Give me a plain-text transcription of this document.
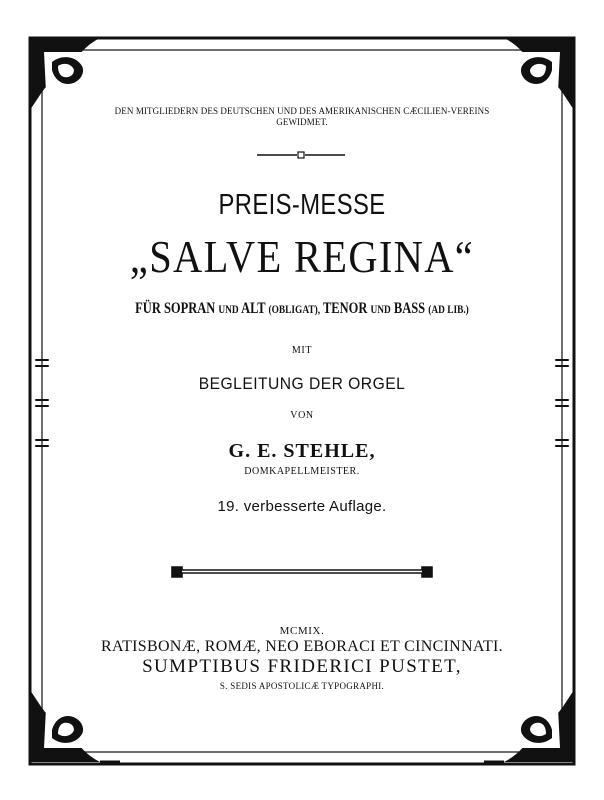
DEN MITGLIEDERN DES DEUTSCHEN UND DES AMERIKANISCHEN CÆCILIEN-VEREINS
GEWIDMET.
PREIS-MESSE
„SALVE REGINA“
FÜR SOPRAN UND ALT (OBLIGAT), TENOR UND BASS (AD LIB.)
MIT
BEGLEITUNG DER ORGEL
VON
G. E. STEHLE,
DOMKAPELLMEISTER.
19. verbesserte Auflage.
MCMIX.
RATISBONÆ, ROMÆ, NEO EBORACI ET CINCINNATI.
SUMPTIBUS FRIDERICI PUSTET,
S. SEDIS APOSTOLICÆ TYPOGRAPHI.
